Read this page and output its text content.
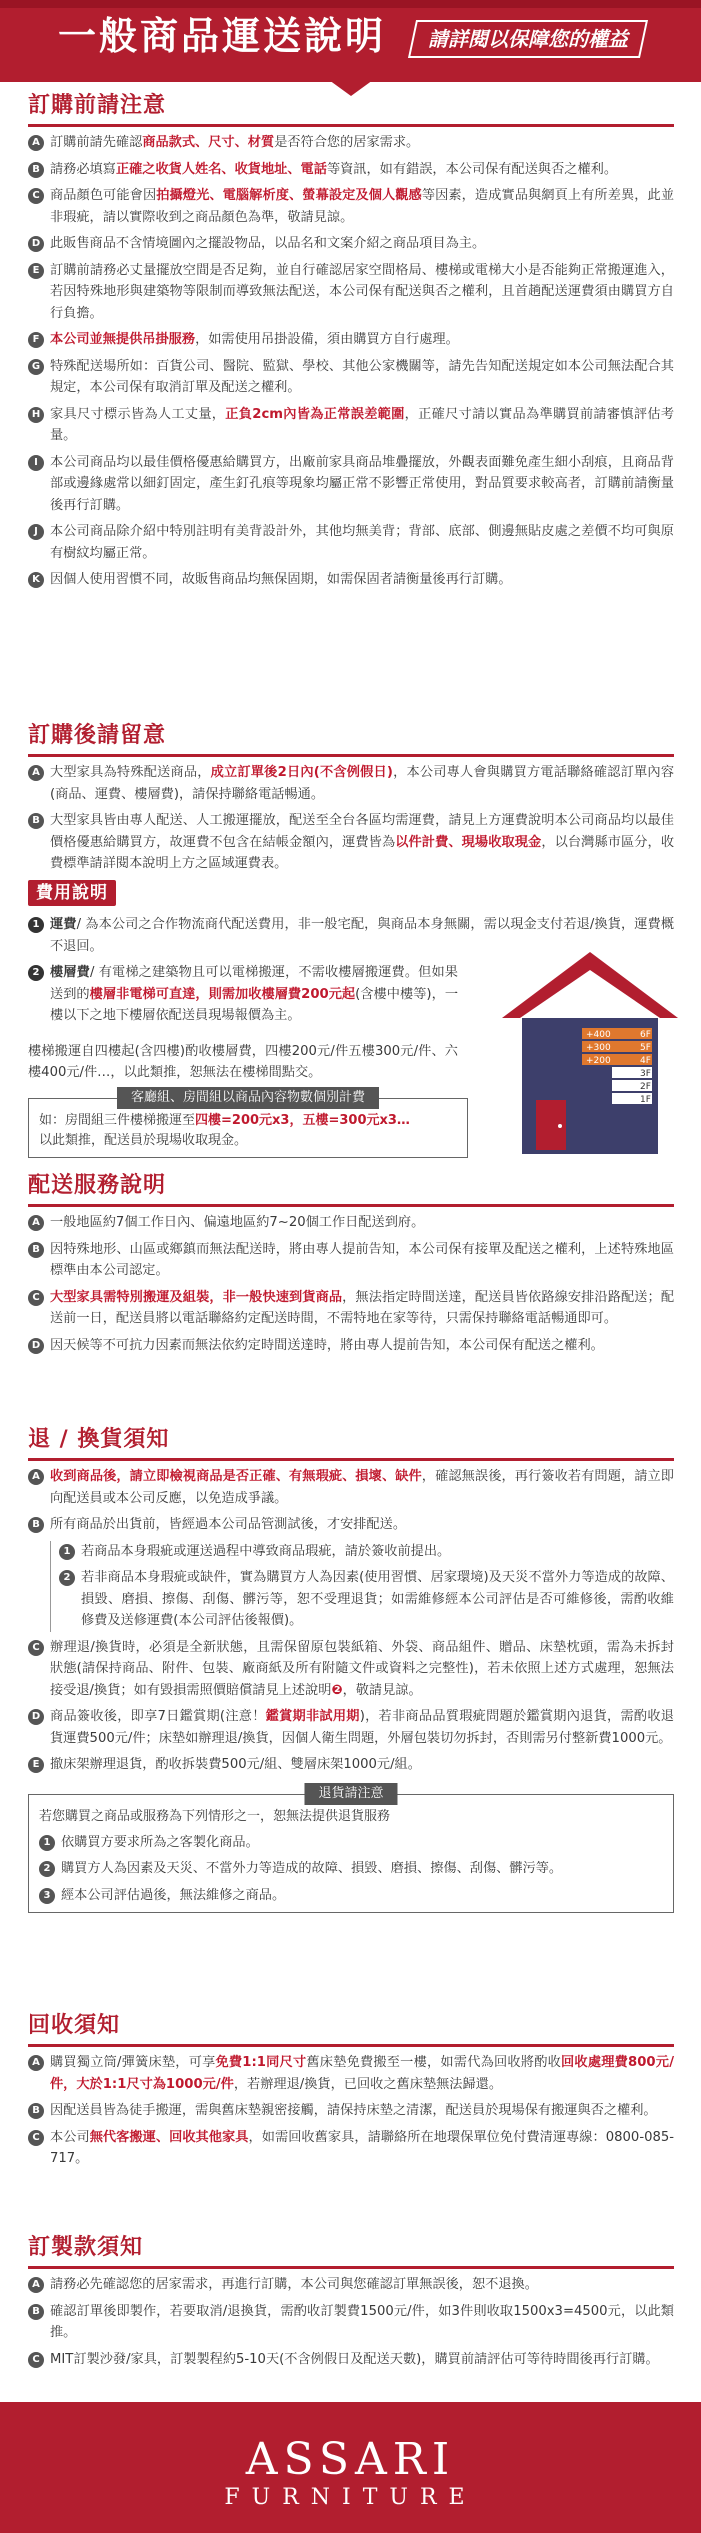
一般商品運送說明	請詳閱以保障您的權益
訂購前請注意
A 訂購前請先確認商品款式、尺寸、材質是否符合您的居家需求。
B 請務必填寫正確之收貨人姓名、收貨地址、電話等資訊，如有錯誤，本公司保有配送與否之權利。
C 商品顏色可能會因拍攝燈光、電腦解析度、螢幕設定及個人觀感等因素，造成實品與網頁上有所差異，此並非瑕疵，請以實際收到之商品顏色為準，敬請見諒。
D 此販售商品不含情境圖內之擺設物品，以品名和文案介紹之商品項目為主。
E 訂購前請務必丈量擺放空間是否足夠，並自行確認居家空間格局、樓梯或電梯大小是否能夠正常搬運進入，若因特殊地形與建築物等限制而導致無法配送，本公司保有配送與否之權利，且首趟配送運費須由購買方自行負擔。
F 本公司並無提供吊掛服務，如需使用吊掛設備，須由購買方自行處理。
G 特殊配送場所如：百貨公司、醫院、監獄、學校、其他公家機關等，請先告知配送規定如本公司無法配合其規定，本公司保有取消訂單及配送之權利。
H 家具尺寸標示皆為人工丈量，正負2cm內皆為正常誤差範圍，正確尺寸請以實品為準購買前請審慎評估考量。
I 本公司商品均以最佳價格優惠給購買方，出廠前家具商品堆疊擺放，外觀表面難免產生細小刮痕，且商品背部或邊緣處常以細釘固定，產生釘孔痕等現象均屬正常不影響正常使用，對品質要求較高者，訂購前請衡量後再行訂購。
J 本公司商品除介紹中特別註明有美背設計外，其他均無美背；背部、底部、側邊無貼皮處之差價不均可與原有樹紋均屬正常。
K 因個人使用習慣不同，故販售商品均無保固期，如需保固者請衡量後再行訂購。
訂購後請留意
A 大型家具為特殊配送商品，成立訂單後2日內(不含例假日)，本公司專人會與購買方電話聯絡確認訂單內容(商品、運費、樓層費)，請保持聯絡電話暢通。
B 大型家具皆由專人配送、人工搬運擺放，配送至全台各區均需運費，請見上方運費說明本公司商品均以最佳價格優惠給購買方，故運費不包含在結帳金額內，運費皆為以件計費、現場收取現金，以台灣縣市區分，收費標準請詳閱本說明上方之區域運費表。
費用說明
1 運費/ 為本公司之合作物流商代配送費用，非一般宅配，與商品本身無關，需以現金支付若退/換貨，運費概不退回。
2 樓層費/ 有電梯之建築物且可以電梯搬運，不需收樓層搬運費。但如果送到的樓層非電梯可直達，則需加收樓層費200元起(含樓中樓等)，一樓以下之地下樓層依配送員現場報價為主。
樓梯搬運自四樓起(含四樓)酌收樓層費，四樓200元/件五樓300元/件、六樓400元/件…，以此類推，恕無法在樓梯間點交。
客廳組、房間組以商品內容物數個別計費
如：房間組三件樓梯搬運至四樓=200元x3，五樓=300元x3…
以此類推，配送員於現場收取現金。
+400	6F
+300	5F
+200	4F
3F
2F
1F
配送服務說明
A 一般地區約7個工作日內、偏遠地區約7~20個工作日配送到府。
B 因特殊地形、山區或鄉鎮而無法配送時，將由專人提前告知，本公司保有接單及配送之權利，上述特殊地區標準由本公司認定。
C 大型家具需特別搬運及組裝，非一般快速到貨商品，無法指定時間送達，配送員皆依路線安排沿路配送；配送前一日，配送員將以電話聯絡約定配送時間，不需特地在家等待，只需保持聯絡電話暢通即可。
D 因天候等不可抗力因素而無法依約定時間送達時，將由專人提前告知，本公司保有配送之權利。
退 / 換貨須知
A 收到商品後，請立即檢視商品是否正確、有無瑕疵、損壞、缺件，確認無誤後，再行簽收若有問題，請立即向配送員或本公司反應，以免造成爭議。
B 所有商品於出貨前，皆經過本公司品管測試後，才安排配送。
1 若商品本身瑕疵或運送過程中導致商品瑕疵，請於簽收前提出。
2 若非商品本身瑕疵或缺件，實為購買方人為因素(使用習慣、居家環境)及天災不當外力等造成的故障、損毀、磨損、擦傷、刮傷、髒污等，恕不受理退貨；如需維修經本公司評估是否可維修後，需酌收維修費及送修運費(本公司評估後報價)。
C 辦理退/換貨時，必須是全新狀態，且需保留原包裝紙箱、外袋、商品組件、贈品、床墊枕頭，需為未拆封狀態(請保持商品、附件、包裝、廠商紙及所有附隨文件或資料之完整性)，若未依照上述方式處理，恕無法接受退/換貨；如有毀損需照價賠償請見上述說明❷，敬請見諒。
D 商品簽收後，即享7日鑑賞期(注意！鑑賞期非試用期)，若非商品品質瑕疵問題於鑑賞期內退貨，需酌收退貨運費500元/件；床墊如辦理退/換貨，因個人衛生問題，外層包裝切勿拆封，否則需另付整新費1000元。
E 撤床架辦理退貨，酌收拆裝費500元/組、雙層床架1000元/組。
退貨請注意
若您購買之商品或服務為下列情形之一，恕無法提供退貨服務
1 依購買方要求所為之客製化商品。
2 購買方人為因素及天災、不當外力等造成的故障、損毀、磨損、擦傷、刮傷、髒污等。
3 經本公司評估過後，無法維修之商品。
回收須知
A 購買獨立筒/彈簧床墊，可享免費1:1同尺寸舊床墊免費搬至一樓，如需代為回收將酌收回收處理費800元/件，大於1:1尺寸為1000元/件，若辦理退/換貨，已回收之舊床墊無法歸還。
B 因配送員皆為徒手搬運，需與舊床墊親密接觸，請保持床墊之清潔，配送員於現場保有搬運與否之權利。
C 本公司無代客搬運、回收其他家具，如需回收舊家具，請聯絡所在地環保單位免付費清運專線：0800-085-717。
訂製款須知
A 請務必先確認您的居家需求，再進行訂購，本公司與您確認訂單無誤後，恕不退換。
B 確認訂單後即製作，若要取消/退換貨，需酌收訂製費1500元/件，如3件則收取1500x3=4500元，以此類推。
C MIT訂製沙發/家具，訂製製程約5-10天(不含例假日及配送天數)，購買前請評估可等待時間後再行訂購。
ASSARI
FURNITURE
